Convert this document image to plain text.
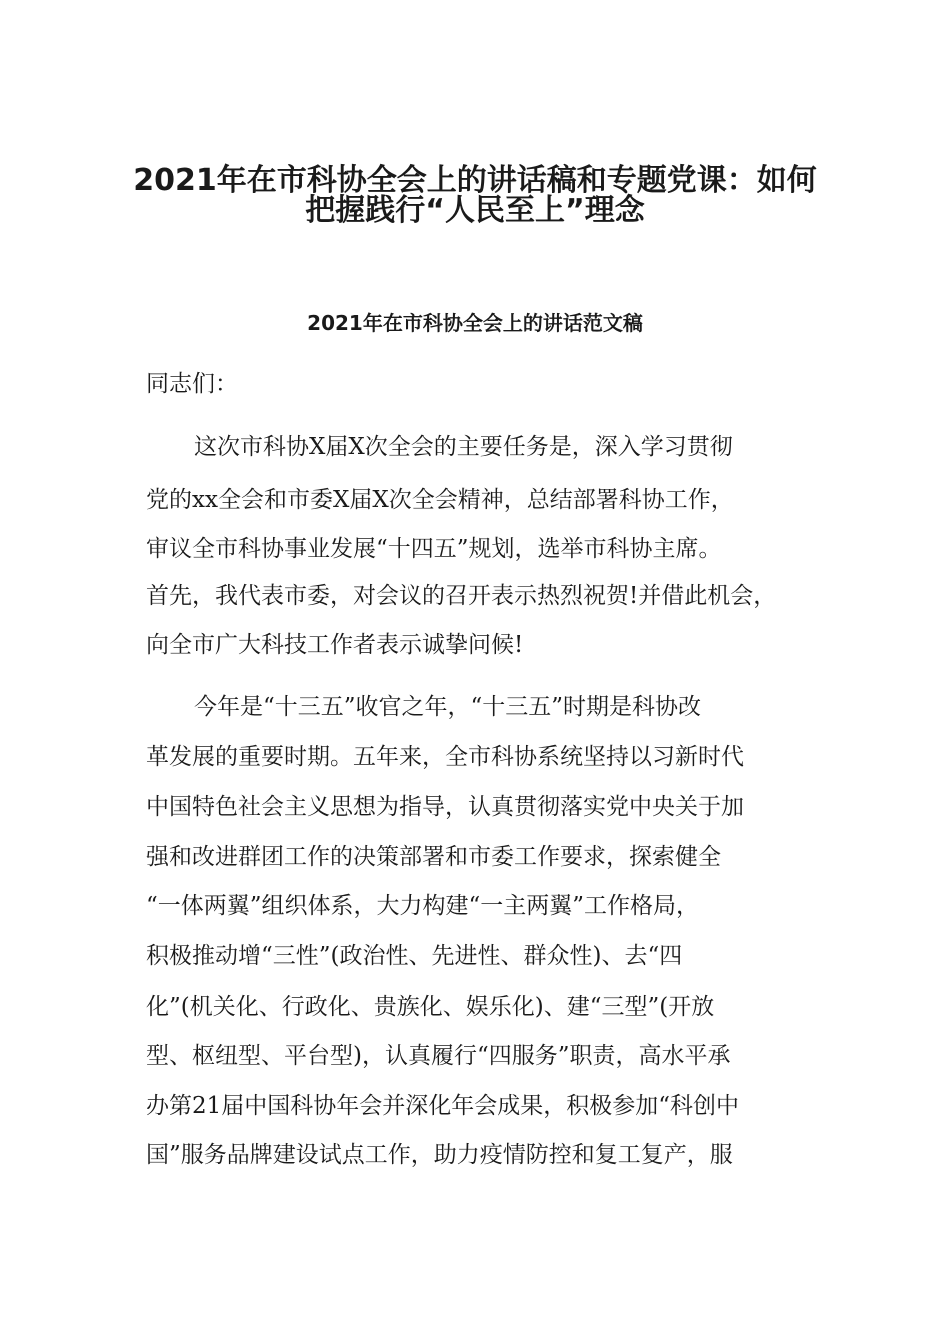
2021年在市科协全会上的讲话稿和专题党课：如何
把握践行“人民至上”理念
2021年在市科协全会上的讲话范文稿
同志们：
这次市科协X届X次全会的主要任务是，深入学习贯彻
党的xx全会和市委X届X次全会精神，总结部署科协工作，
审议全市科协事业发展“十四五”规划，选举市科协主席。
首先，我代表市委，对会议的召开表示热烈祝贺!并借此机会，
向全市广大科技工作者表示诚挚问候!
今年是“十三五”收官之年，“十三五”时期是科协改
革发展的重要时期。五年来，全市科协系统坚持以习新时代
中国特色社会主义思想为指导，认真贯彻落实党中央关于加
强和改进群团工作的决策部署和市委工作要求，探索健全
“一体两翼”组织体系，大力构建“一主两翼”工作格局，
积极推动增“三性”(政治性、先进性、群众性)、去“四
化”(机关化、行政化、贵族化、娱乐化)、建“三型”(开放
型、枢纽型、平台型)，认真履行“四服务”职责，高水平承
办第21届中国科协年会并深化年会成果，积极参加“科创中
国”服务品牌建设试点工作，助力疫情防控和复工复产，服
